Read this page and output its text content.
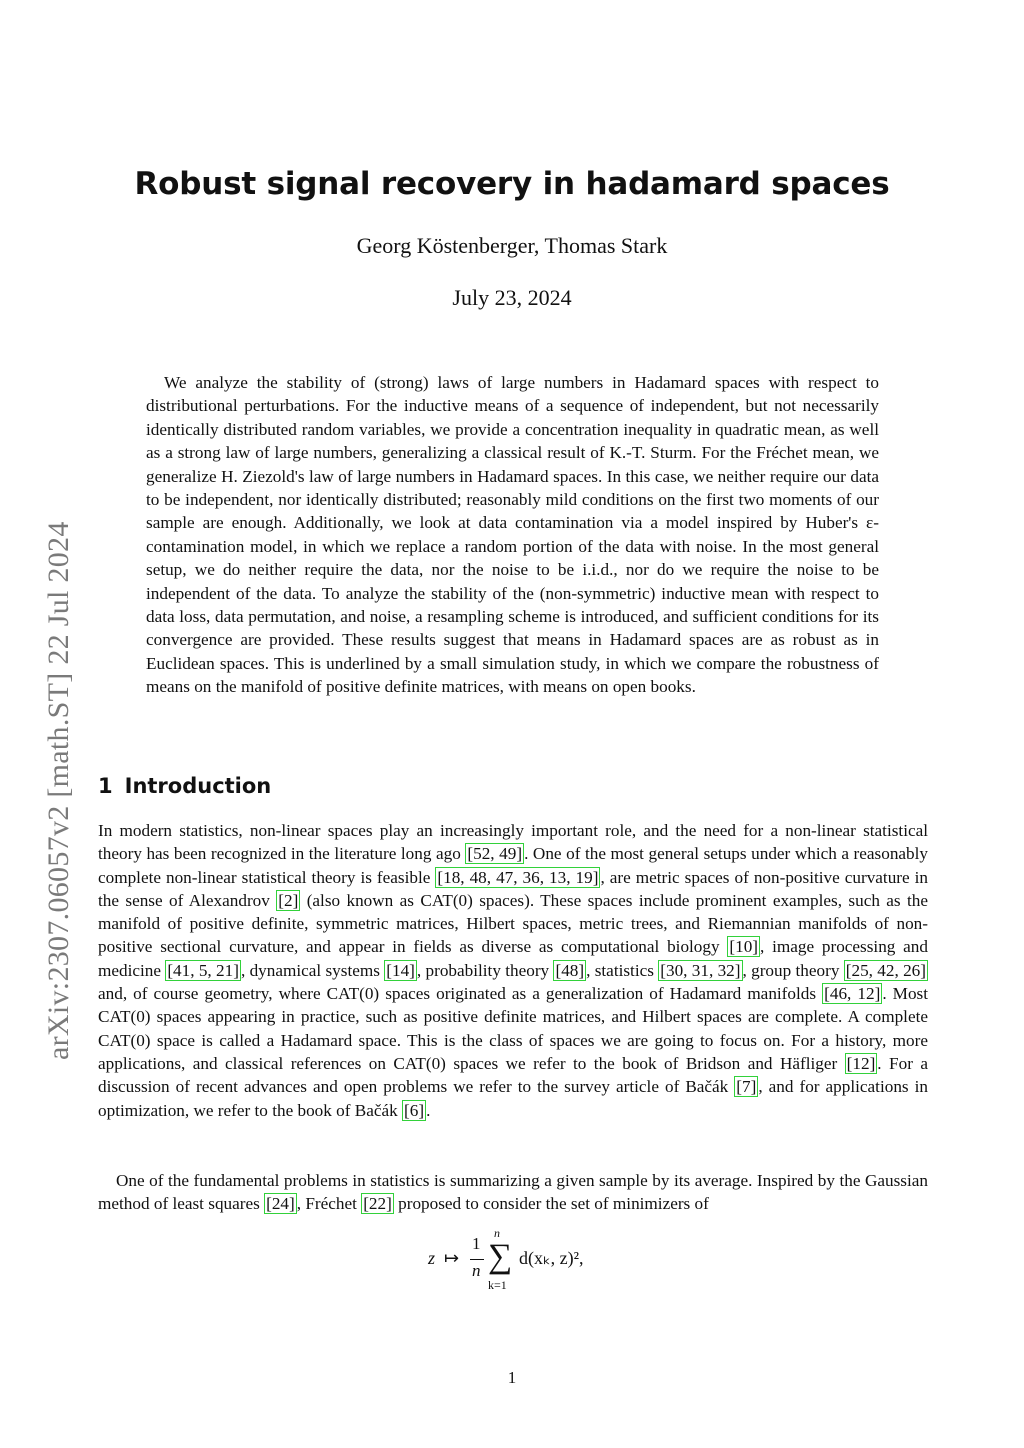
arXiv:2307.06057v2 [math.ST] 22 Jul 2024
Robust signal recovery in hadamard spaces
Georg Köstenberger, Thomas Stark
July 23, 2024

We analyze the stability of (strong) laws of large numbers in Hadamard spaces with respect to distributional perturbations. For the inductive means of a sequence of independent, but not necessarily identically distributed random variables, we provide a concentration inequality in quadratic mean, as well as a strong law of large numbers, generalizing a classical result of K.-T. Sturm. For the Fréchet mean, we generalize H. Ziezold's law of large numbers in Hadamard spaces. In this case, we neither require our data to be independent, nor identically distributed; reasonably mild conditions on the first two moments of our sample are enough. Additionally, we look at data contamination via a model inspired by Huber's ε-contamination model, in which we replace a random portion of the data with noise. In the most general setup, we do neither require the data, nor the noise to be i.i.d., nor do we require the noise to be independent of the data. To analyze the stability of the (non-symmetric) inductive mean with respect to data loss, data permutation, and noise, a resampling scheme is introduced, and sufficient conditions for its convergence are provided. These results suggest that means in Hadamard spaces are as robust as in Euclidean spaces. This is underlined by a small simulation study, in which we compare the robustness of means on the manifold of positive definite matrices, with means on open books.

1 Introduction

In modern statistics, non-linear spaces play an increasingly important role, and the need for a non-linear statistical theory has been recognized in the literature long ago [52, 49] . One of the most general setups under which a reasonably complete non-linear statistical theory is feasible [18, 48, 47, 36, 13, 19] , are metric spaces of non-positive curvature in the sense of Alexandrov [2] (also known as CAT(0) spaces). These spaces include prominent examples, such as the manifold of positive definite, symmetric matrices, Hilbert spaces, metric trees, and Riemannian manifolds of non-positive sectional curvature, and appear in fields as diverse as computational biology [10] , image processing and medicine [41, 5, 21] , dynamical systems [14] , probability theory [48] , statistics [30, 31, 32] , group theory [25, 42, 26] and, of course geometry, where CAT(0) spaces originated as a generalization of Hadamard manifolds [46, 12] . Most CAT(0) spaces appearing in practice, such as positive definite matrices, and Hilbert spaces are complete. A complete CAT(0) space is called a Hadamard space. This is the class of spaces we are going to focus on. For a history, more applications, and classical references on CAT(0) spaces we refer to the book of Bridson and Häfliger [12] . For a discussion of recent advances and open problems we refer to the survey article of Bačák [7] , and for applications in optimization, we refer to the book of Bačák [6] .

One of the fundamental problems in statistics is summarizing a given sample by its average. Inspired by the Gaussian method of least squares [24] , Fréchet [22] proposed to consider the set of minimizers of

z ↦
1
n
n
∑
k=1
d(xₖ, z)²,
1
